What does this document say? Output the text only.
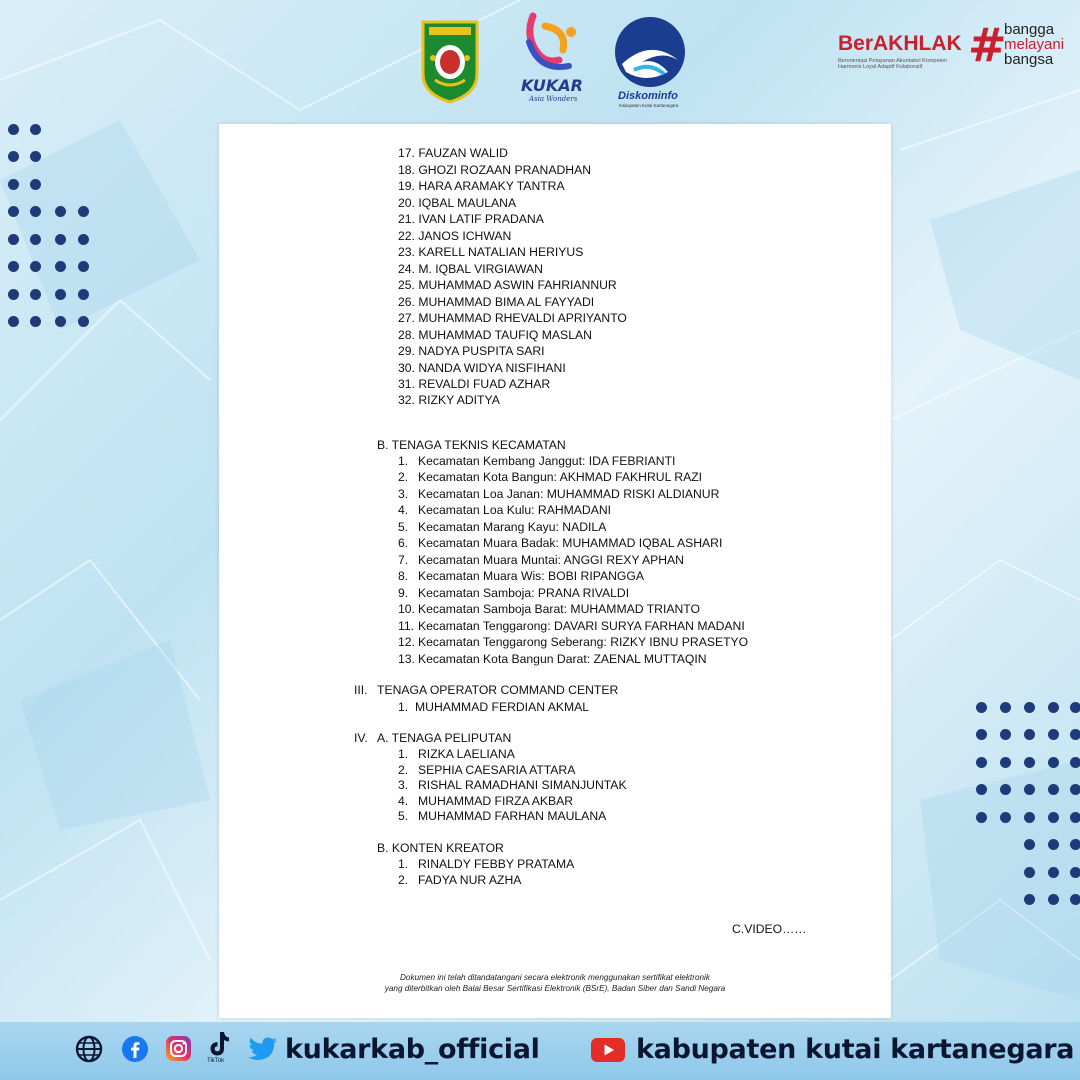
KUKAR
Asia Wonders	Diskominfo
Kabupaten Kutai Kartanegara
BerAKHLAK
Berorientasi Pelayanan Akuntabel Kompeten Harmonis Loyal Adaptif Kolaboratif #
bangga
melayani
bangsa
17. FAUZAN WALID
18. GHOZI ROZAAN PRANADHAN
19. HARA ARAMAKY TANTRA
20. IQBAL MAULANA
21. IVAN LATIF PRADANA
22. JANOS ICHWAN
23. KARELL NATALIAN HERIYUS
24. M. IQBAL VIRGIAWAN
25. MUHAMMAD ASWIN FAHRIANNUR
26. MUHAMMAD BIMA AL FAYYADI
27. MUHAMMAD RHEVALDI APRIYANTO
28. MUHAMMAD TAUFIQ MASLAN
29. NADYA PUSPITA SARI
30. NANDA WIDYA NISFIHANI
31. REVALDI FUAD AZHAR
32. RIZKY ADITYA
B. TENAGA TEKNIS KECAMATAN
1. Kecamatan Kembang Janggut: IDA FEBRIANTI
2. Kecamatan Kota Bangun: AKHMAD FAKHRUL RAZI
3. Kecamatan Loa Janan: MUHAMMAD RISKI ALDIANUR
4. Kecamatan Loa Kulu: RAHMADANI
5. Kecamatan Marang Kayu: NADILA
6. Kecamatan Muara Badak: MUHAMMAD IQBAL ASHARI
7. Kecamatan Muara Muntai: ANGGI REXY APHAN
8. Kecamatan Muara Wis: BOBI RIPANGGA
9. Kecamatan Samboja: PRANA RIVALDI
10. Kecamatan Samboja Barat: MUHAMMAD TRIANTO
11. Kecamatan Tenggarong: DAVARI SURYA FARHAN MADANI
12. Kecamatan Tenggarong Seberang: RIZKY IBNU PRASETYO
13. Kecamatan Kota Bangun Darat: ZAENAL MUTTAQIN
III. TENAGA OPERATOR COMMAND CENTER
1. MUHAMMAD FERDIAN AKMAL
IV. A. TENAGA PELIPUTAN
1. RIZKA LAELIANA
2. SEPHIA CAESARIA ATTARA
3. RISHAL RAMADHANI SIMANJUNTAK
4. MUHAMMAD FIRZA AKBAR
5. MUHAMMAD FARHAN MAULANA
B. KONTEN KREATOR
1. RINALDY FEBBY PRATAMA
2. FADYA NUR AZHA
C.VIDEO……
Dokumen ini telah ditandatangani secara elektronik menggunakan sertifikat elektronik
yang diterbitkan oleh Balai Besar Sertifikasi Elektronik (BSrE), Badan Siber dan Sandi Negara
TikTok kukarkab_official	kabupaten kutai kartanegara
